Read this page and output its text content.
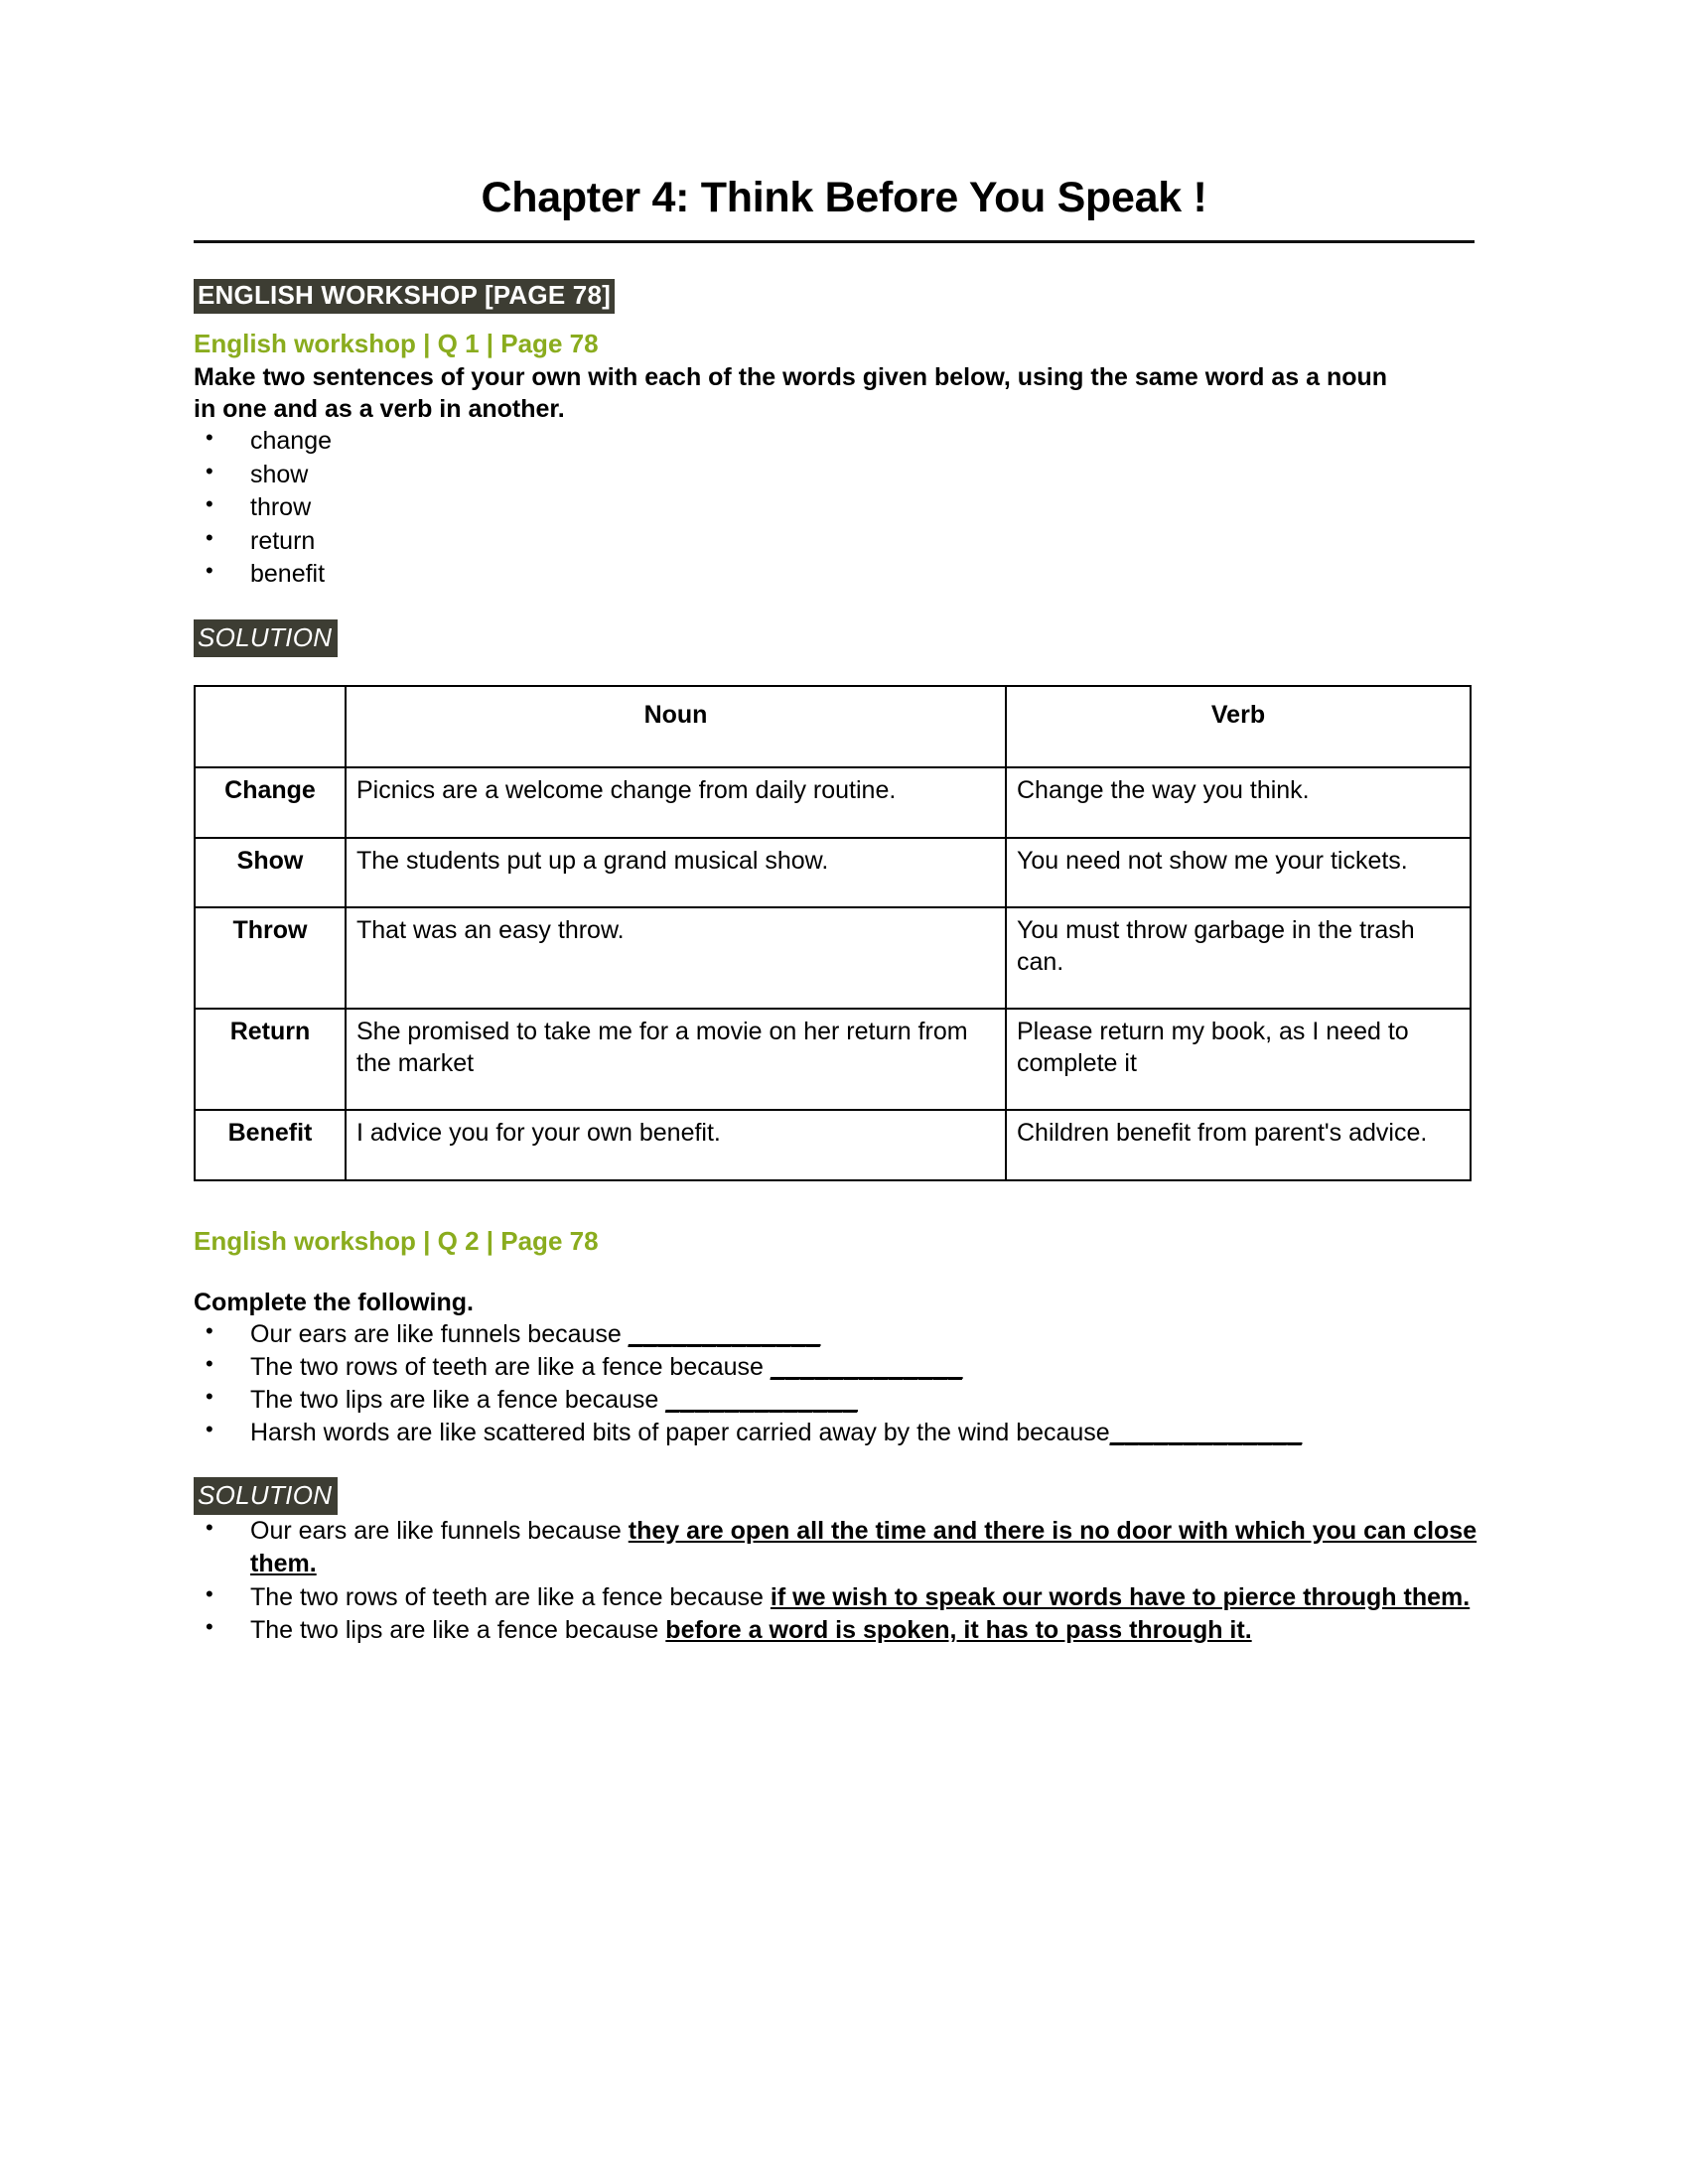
Chapter 4: Think Before You Speak !
ENGLISH WORKSHOP [PAGE 78]
English workshop | Q 1 | Page 78
Make two sentences of your own with each of the words given below, using the same word as a noun in one and as a verb in another.
• change
• show
• throw
• return
• benefit
SOLUTION
	Noun	Verb
Change	Picnics are a welcome change from daily routine.	Change the way you think.
Show	The students put up a grand musical show.	You need not show me your tickets.
Throw	That was an easy throw.	You must throw garbage in the trash can.
Return	She promised to take me for a movie on her return from the market	Please return my book, as I need to complete it
Benefit	I advice you for your own benefit.	Children benefit from parent's advice.
English workshop | Q 2 | Page 78
Complete the following.
• Our ears are like funnels because _____________
• The two rows of teeth are like a fence because _____________
• The two lips are like a fence because _____________
• Harsh words are like scattered bits of paper carried away by the wind because_____________
SOLUTION
• Our ears are like funnels because they are open all the time and there is no door with which you can close them.
• The two rows of teeth are like a fence because if we wish to speak our words have to pierce through them.
• The two lips are like a fence because before a word is spoken, it has to pass through it.
